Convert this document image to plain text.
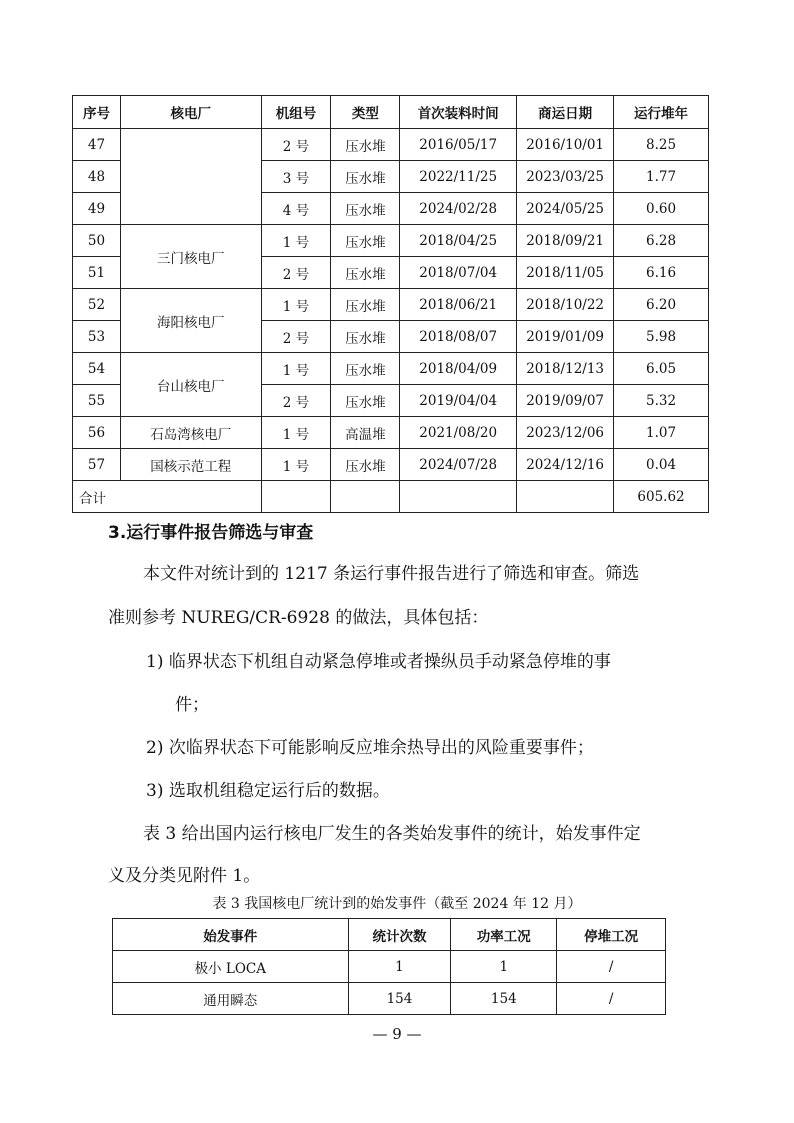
序号	核电厂	机组号	类型	首次装料时间	商运日期	运行堆年
47		2 号	压水堆	2016/05/17	2016/10/01	8.25
48		3 号	压水堆	2022/11/25	2023/03/25	1.77
49		4 号	压水堆	2024/02/28	2024/05/25	0.60
50	三门核电厂	1 号	压水堆	2018/04/25	2018/09/21	6.28
51		2 号	压水堆	2018/07/04	2018/11/05	6.16
52	海阳核电厂	1 号	压水堆	2018/06/21	2018/10/22	6.20
53		2 号	压水堆	2018/08/07	2019/01/09	5.98
54	台山核电厂	1 号	压水堆	2018/04/09	2018/12/13	6.05
55		2 号	压水堆	2019/04/04	2019/09/07	5.32
56	石岛湾核电厂	1 号	高温堆	2021/08/20	2023/12/06	1.07
57	国核示范工程	1 号	压水堆	2024/07/28	2024/12/16	0.04
合计						605.62
3.运行事件报告筛选与审查
本文件对统计到的 1217 条运行事件报告进行了筛选和审查。筛选
准则参考 NUREG/CR-6928 的做法，具体包括：
1) 临界状态下机组自动紧急停堆或者操纵员手动紧急停堆的事
件；
2) 次临界状态下可能影响反应堆余热导出的风险重要事件；
3) 选取机组稳定运行后的数据。
表 3 给出国内运行核电厂发生的各类始发事件的统计，始发事件定
义及分类见附件 1。
表 3 我国核电厂统计到的始发事件（截至 2024 年 12 月）
始发事件	统计次数	功率工况	停堆工况
极小 LOCA	1	1	/
通用瞬态	154	154	/
— 9 —
